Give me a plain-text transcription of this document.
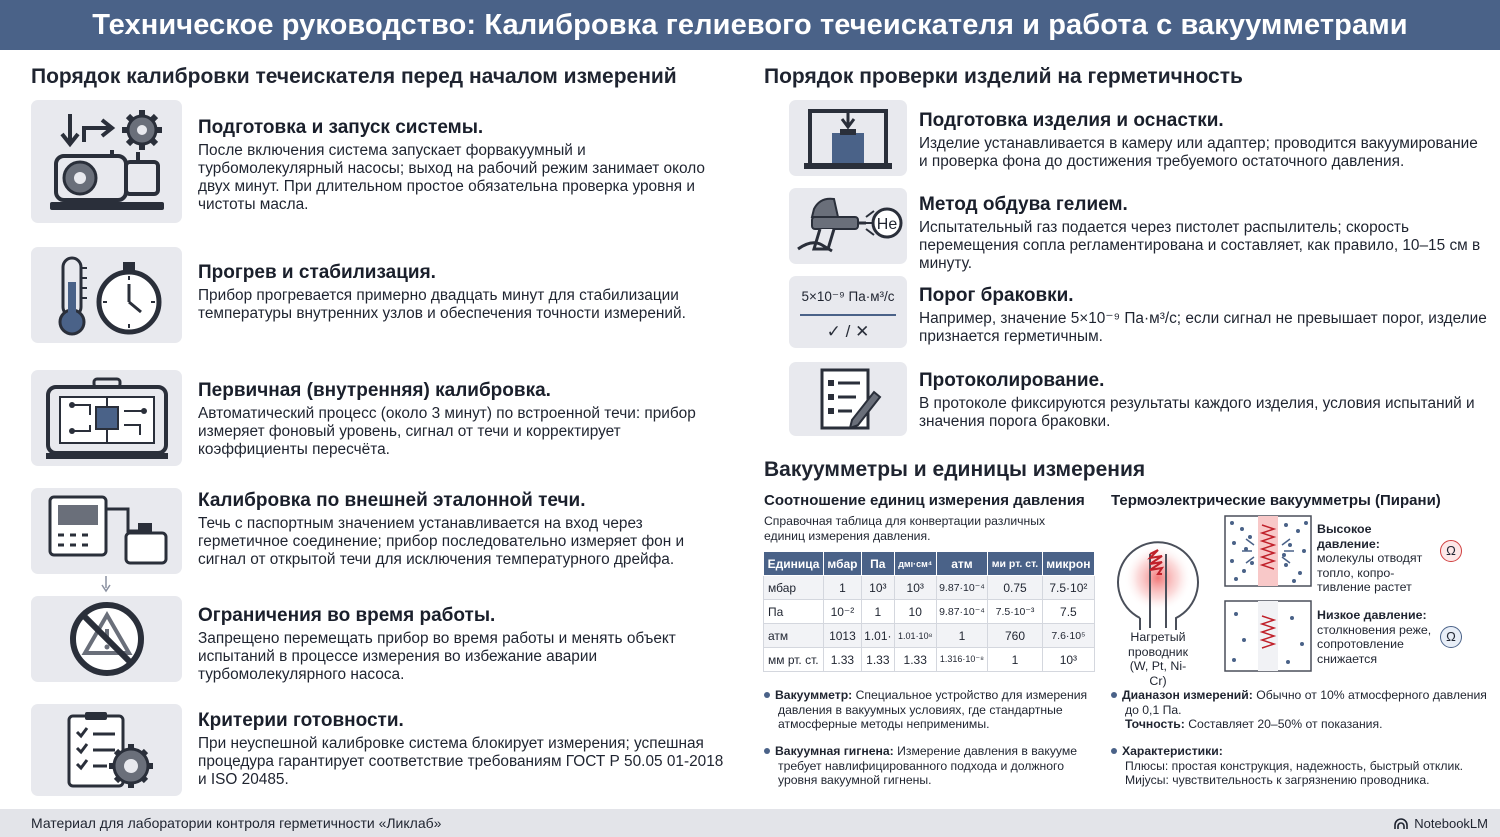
Техническое руководство: Калибровка гелиевого течеискателя и работа с вакуумметрами
Порядок калибровки течеискателя перед началом измерений
Подготовка и запуск системы.

После включения система запускает форвакуумный и турбомолекулярный насосы; выход на рабочий режим занимает около двух минут. При длительном простое обязательна проверка уровня и чистоты масла.

Прогрев и стабилизация.

Прибор прогревается примерно двадцать минут для стабилизации температуры внутренних узлов и обеспечения точности измерений.

Первичная (внутренняя) калибровка.

Автоматический процесс (около 3 минут) по встроенной течи: прибор измеряет фоновый уровень, сигнал от течи и корректирует коэффициенты пересчёта.

Калибровка по внешней эталонной течи.

Течь с паспортным значением устанавливается на вход через герметичное соединение; прибор последовательно измеряет фон и сигнал от открытой течи для исключения температурного дрейфа.

Ограничения во время работы.

Запрещено перемещать прибор во время работы и менять объект испытаний в процессе измерения во избежание аварии турбомолекулярного насоса.

Критерии готовности.

При неуспешной калибровке система блокирует измерения; успешная процедура гарантирует соответствие требованиям ГОСТ Р 50.05 01-2018 и ISO 20485.

Порядок проверки изделий на герметичность
Подготовка изделия и оснастки.

Изделие устанавливается в камеру или адаптер; проводится вакуумирование и проверка фона до достижения требуемого остаточного давления.

He
Метод обдува гелием.

Испытательный газ подается через пистолет распылитель; скорость перемещения сопла регламентирована и составляет, как правило, 10–15 см в минуту.

5×10⁻⁹ Па·м³/с
✓ / ✕
Порог браковки.

Например, значение 5×10⁻⁹ Па·м³/с; если сигнал не превышает порог, изделие признается герметичным.

Протоколирование.

В протоколе фиксируются результаты каждого изделия, условия испытаний и значения порога браковки.

Вакуумметры и единицы измерения
Соотношение единиц измерения давления
Справочная таблица для конвертации различных единиц измерения давления.
Единица	мбар	Па	дмı·см⁴	атм	ми рт. ст.	микрон
мбар	1	10³	10³	9.87·10⁻⁴	0.75	7.5·10²
Па	10⁻²	1	10	9.87·10⁻⁴	7.5·10⁻³	7.5
атм	1013	1.01·	1.01·10⁸	1	760	7.6·10⁵
мм рт. ст.	1.33	1.33	1.33	1.316·10⁻⁸	1	10³
Вакуумметр: Специальное устройство для измерения давления в вакуумных условиях, где стандартные атмосферные методы неприменимы.
Вакуумная гигнена: Измерение давления в вакууме требует навлифицированного подхода и должного уровня вакуумной гигнены.
Термоэлектрические вакуумметры (Пирани)
Нагретый проводник (W, Pt, Ni-Cr)
Высокое давление:
молекулы отводят топло, копро-тивление растет
Ω
Низкое давление:
столкновения реже, сопротовление снижается
Ω
Дианазон измерений: Обычно от 10% атмосферного давления до 0,1 Па.
Точность: Составляет 20–50% от показания.
Характеристики:
Плюсы: простая конструкция, надежность, быстрый отклик.
Миjусы: чувствительность к загрязнению проводника.
Материал для лаборатории контроля герметичности «Ликлаб»	NotebookLM
